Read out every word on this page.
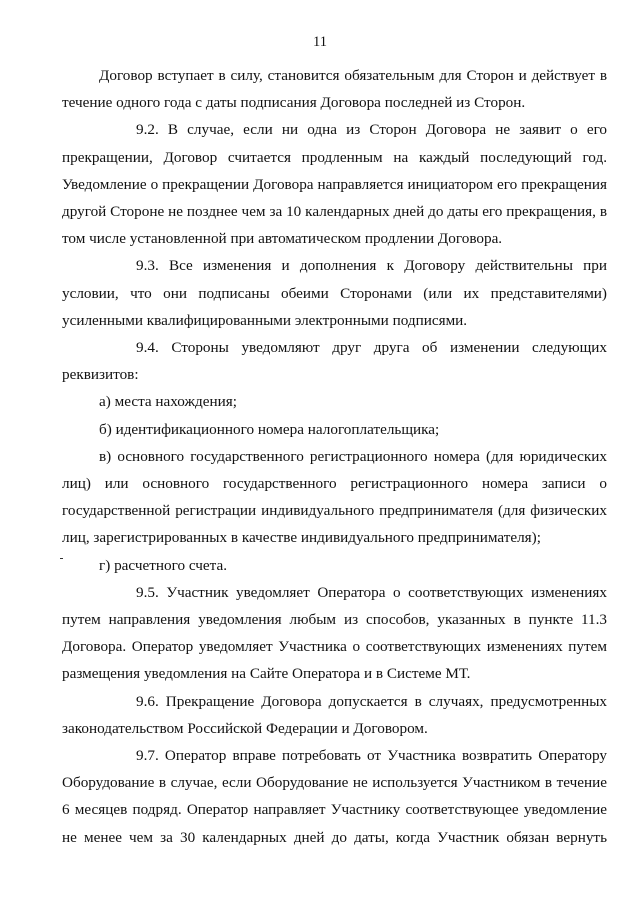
11

Договор вступает в силу, становится обязательным для Сторон и действует в течение одного года с даты подписания Договора последней из Сторон.

9.2. В случае, если ни одна из Сторон Договора не заявит о его прекращении, Договор считается продленным на каждый последующий год. Уведомление о прекращении Договора направляется инициатором его прекращения другой Стороне не позднее чем за 10 календарных дней до даты его прекращения, в том числе установленной при автоматическом продлении Договора.

9.3. Все изменения и дополнения к Договору действительны при условии, что они подписаны обеими Сторонами (или их представителями) усиленными квалифицированными электронными подписями.

9.4. Стороны уведомляют друг друга об изменении следующих реквизитов:

а) места нахождения;

б) идентификационного номера налогоплательщика;

в) основного государственного регистрационного номера (для юридических лиц) или основного государственного регистрационного номера записи о государственной регистрации индивидуального предпринимателя (для физических лиц, зарегистрированных в качестве индивидуального предпринимателя);

г) расчетного счета.

9.5. Участник уведомляет Оператора о соответствующих изменениях путем направления уведомления любым из способов, указанных в пункте 11.3 Договора. Оператор уведомляет Участника о соответствующих изменениях путем размещения уведомления на Сайте Оператора и в Системе МТ.

9.6. Прекращение Договора допускается в случаях, предусмотренных законодательством Российской Федерации и Договором.

9.7. Оператор вправе потребовать от Участника возвратить Оператору Оборудование в случае, если Оборудование не используется Участником в течение 6 месяцев подряд. Оператор направляет Участнику соответствующее уведомление не менее чем за 30 календарных дней до даты, когда Участник обязан вернуть
